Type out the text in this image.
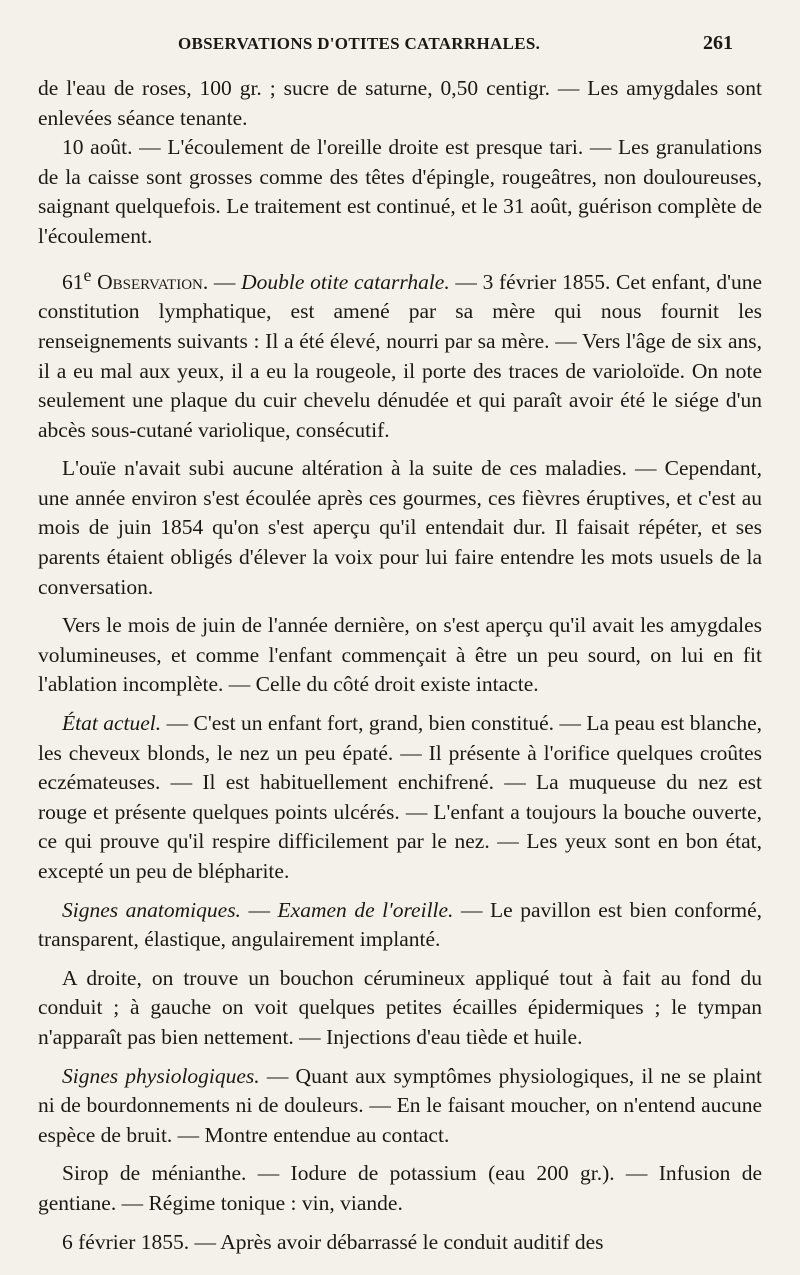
OBSERVATIONS D'OTITES CATARRHALES.	261

de l'eau de roses, 100 gr. ; sucre de saturne, 0,50 centigr. — Les amygdales sont enlevées séance tenante.

10 août. — L'écoulement de l'oreille droite est presque tari. — Les granulations de la caisse sont grosses comme des têtes d'épingle, rougeâtres, non douloureuses, saignant quelquefois. Le traitement est continué, et le 31 août, guérison complète de l'écoulement.

61e Observation. — Double otite catarrhale. — 3 février 1855. Cet enfant, d'une constitution lymphatique, est amené par sa mère qui nous fournit les renseignements suivants : Il a été élevé, nourri par sa mère. — Vers l'âge de six ans, il a eu mal aux yeux, il a eu la rougeole, il porte des traces de varioloïde. On note seulement une plaque du cuir chevelu dénudée et qui paraît avoir été le siége d'un abcès sous-cutané variolique, consécutif.

L'ouïe n'avait subi aucune altération à la suite de ces maladies. — Cependant, une année environ s'est écoulée après ces gourmes, ces fièvres éruptives, et c'est au mois de juin 1854 qu'on s'est aperçu qu'il entendait dur. Il faisait répéter, et ses parents étaient obligés d'élever la voix pour lui faire entendre les mots usuels de la conversation.

Vers le mois de juin de l'année dernière, on s'est aperçu qu'il avait les amygdales volumineuses, et comme l'enfant commençait à être un peu sourd, on lui en fit l'ablation incomplète. — Celle du côté droit existe intacte.

État actuel. — C'est un enfant fort, grand, bien constitué. — La peau est blanche, les cheveux blonds, le nez un peu épaté. — Il présente à l'orifice quelques croûtes eczémateuses. — Il est habituellement enchifrené. — La muqueuse du nez est rouge et présente quelques points ulcérés. — L'enfant a toujours la bouche ouverte, ce qui prouve qu'il respire difficilement par le nez. — Les yeux sont en bon état, excepté un peu de blépharite.

Signes anatomiques. — Examen de l'oreille. — Le pavillon est bien conformé, transparent, élastique, angulairement implanté.

A droite, on trouve un bouchon cérumineux appliqué tout à fait au fond du conduit ; à gauche on voit quelques petites écailles épidermiques ; le tympan n'apparaît pas bien nettement. — Injections d'eau tiède et huile.

Signes physiologiques. — Quant aux symptômes physiologiques, il ne se plaint ni de bourdonnements ni de douleurs. — En le faisant moucher, on n'entend aucune espèce de bruit. — Montre entendue au contact.

Sirop de ménianthe. — Iodure de potassium (eau 200 gr.). — Infusion de gentiane. — Régime tonique : vin, viande.

6 février 1855. — Après avoir débarrassé le conduit auditif des
